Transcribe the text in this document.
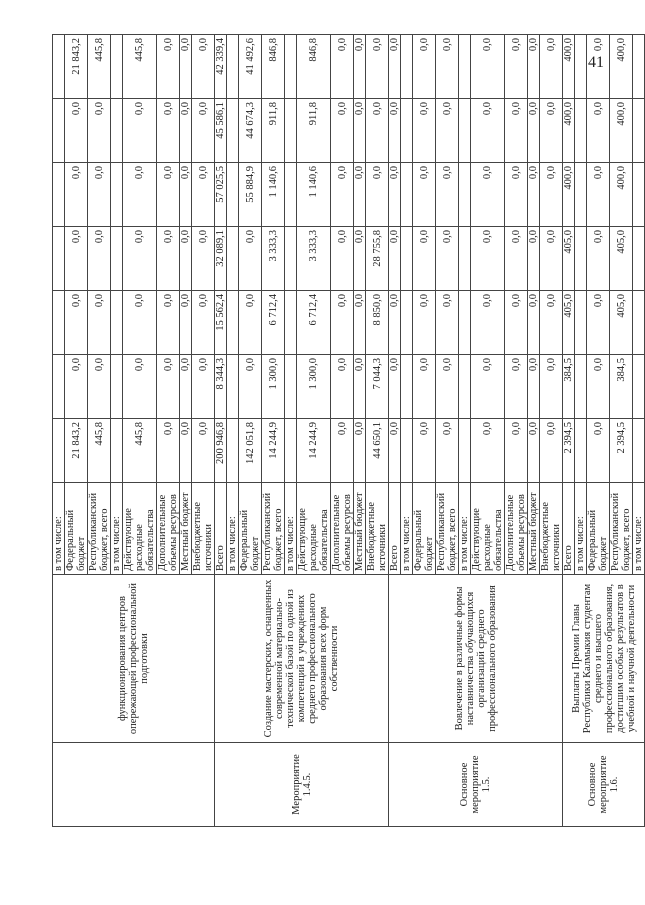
	функционирования центров опережающей профессиональной подготовки	в том числе:							
		Федеральный бюджет	21 843,2	0,0	0,0	0,0	0,0	0,0	21 843,2
		Республиканский бюджет, всего	445,8	0,0	0,0	0,0	0,0	0,0	445,8
		в том числе:							
		Действующие расходные обязательства	445,8	0,0	0,0	0,0	0,0	0,0	445,8
		Дополнительные объемы ресурсов	0,0	0,0	0,0	0,0	0,0	0,0	0,0
		Местный бюджет	0,0	0,0	0,0	0,0	0,0	0,0	0,0
		Внебюджетные источники	0,0	0,0	0,0	0,0	0,0	0,0	0,0
Мероприятие 1.4.5.	Создание мастерских, оснащенных современной материально-технической базой по одной из компетенций в учреждениях среднего профессионального образования всех форм собственности	Всего	200 946,8	8 344,3	15 562,4	32 089,1	57 025,5	45 586,1	42 339,4
		в том числе:							
		Федеральный бюджет	142 051,8	0,0	0,0	0,0	55 884,9	44 674,3	41 492,6
		Республиканский бюджет, всего	14 244,9	1 300,0	6 712,4	3 333,3	1 140,6	911,8	846,8
		в том числе:							
		Действующие расходные обязательства	14 244,9	1 300,0	6 712,4	3 333,3	1 140,6	911,8	846,8
		Дополнительные объемы ресурсов	0,0	0,0	0,0	0,0	0,0	0,0	0,0
		Местный бюджет	0,0	0,0	0,0	0,0	0,0	0,0	0,0
		Внебюджетные источники	44 650,1	7 044,3	8 850,0	28 755,8	0,0	0,0	0,0
Основное мероприятие 1.5.	Вовлечение в различные формы наставничества обучающихся организаций среднего профессионального образования	Всего	0,0	0,0	0,0	0,0	0,0	0,0	0,0
		в том числе:							
		Федеральный бюджет	0,0	0,0	0,0	0,0	0,0	0,0	0,0
		Республиканский бюджет, всего	0,0	0,0	0,0	0,0	0,0	0,0	0,0
		в том числе:							
		Действующие расходные обязательства	0,0	0,0	0,0	0,0	0,0	0,0	0,0
		Дополнительные объемы ресурсов	0,0	0,0	0,0	0,0	0,0	0,0	0,0
		Местный бюджет	0,0	0,0	0,0	0,0	0,0	0,0	0,0
		Внебюджетные источники	0,0	0,0	0,0	0,0	0,0	0,0	0,0
Основное мероприятие 1.6.	Выплаты Премии Главы Республики Калмыкия студентам среднего и высшего профессионального образования, достигшим особых результатов в учебной и научной деятельности	Всего	2 394,5	384,5	405,0	405,0	400,0	400,0	400,0
		в том числе:							
		Федеральный бюджет	0,0	0,0	0,0	0,0	0,0	0,0	0,0
		Республиканский бюджет, всего	2 394,5	384,5	405,0	405,0	400,0	400,0	400,0
		в том числе:							
41
